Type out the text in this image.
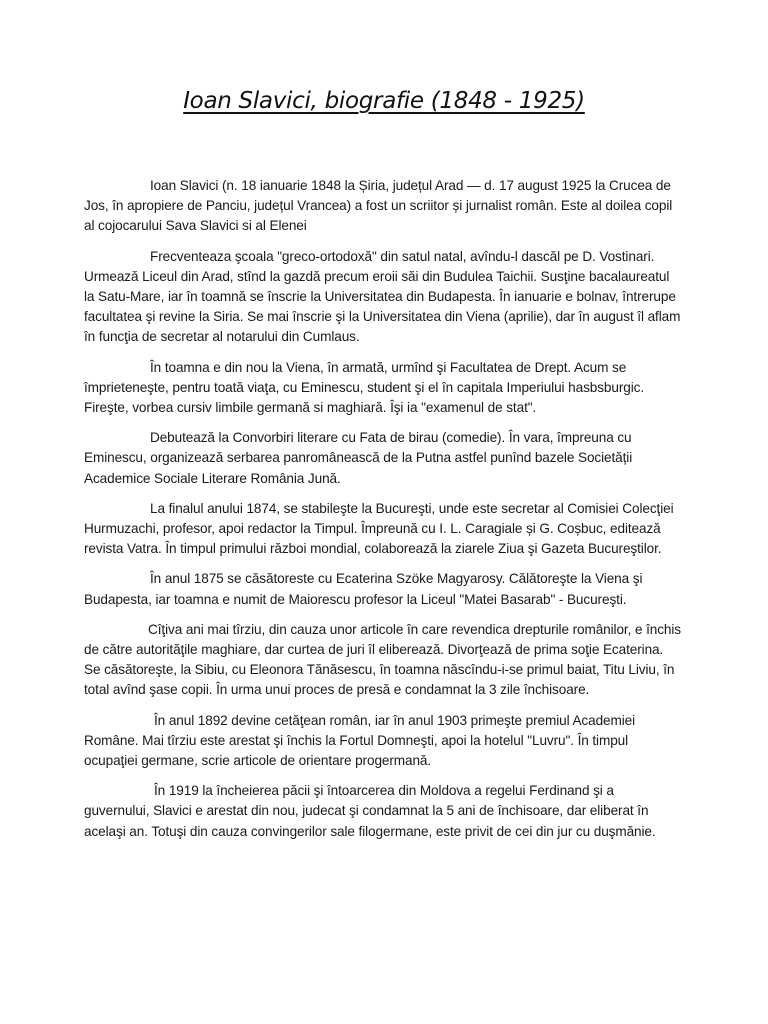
Ioan Slavici, biografie (1848 - 1925)

Ioan Slavici (n. 18 ianuarie 1848 la Șiria, județul Arad — d. 17 august 1925 la Crucea de Jos, în apropiere de Panciu, județul Vrancea) a fost un scriitor și jurnalist român. Este al doilea copil al cojocarului Sava Slavici si al Elenei

Frecventeaza şcoala "greco-ortodoxă" din satul natal, avîndu-l dascăl pe D. Vostinari. Urmează Liceul din Arad, stînd la gazdă precum eroii săi din Budulea Taichii. Susţine bacalaureatul la Satu-Mare, iar în toamnă se înscrie la Universitatea din Budapesta. În ianuarie e bolnav, întrerupe facultatea şi revine la Siria. Se mai înscrie şi la Universitatea din Viena (aprilie), dar în august îl aflam în funcţia de secretar al notarului din Cumlaus.

În toamna e din nou la Viena, în armată, urmînd şi Facultatea de Drept. Acum se împrieteneşte, pentru toată viaţa, cu Eminescu, student şi el în capitala Imperiului hasbsburgic. Fireşte, vorbea cursiv limbile germană si maghiară. Îşi ia "examenul de stat".

Debutează la Convorbiri literare cu Fata de birau (comedie). În vara, împreuna cu Eminescu, organizează serbarea panromânească de la Putna astfel punînd bazele Societății Academice Sociale Literare România Jună.

La finalul anului 1874, se stabileşte la Bucureşti, unde este secretar al Comisiei Colecţiei Hurmuzachi, profesor, apoi redactor la Timpul. Împreună cu I. L. Caragiale și G. Coșbuc, editează revista Vatra. În timpul primului război mondial, colaborează la ziarele Ziua şi Gazeta Bucureştilor.

În anul 1875 se căsătoreste cu Ecaterina Szöke Magyarosy. Călătoreşte la Viena şi Budapesta, iar toamna e numit de Maiorescu profesor la Liceul "Matei Basarab" - Bucureşti.

Cîţiva ani mai tîrziu, din cauza unor articole în care revendica drepturile românilor, e închis de către autorităţile maghiare, dar curtea de juri îl eliberează. Divorţează de prima soţie Ecaterina. Se căsătoreşte, la Sibiu, cu Eleonora Tănăsescu, în toamna născîndu-i-se primul baiat, Titu Liviu, în total avînd şase copii. În urma unui proces de presă e condamnat la 3 zile închisoare.

În anul 1892 devine cetăţean român, iar în anul 1903 primeşte premiul Academiei Române. Mai tîrziu este arestat şi închis la Fortul Domneşti, apoi la hotelul "Luvru". În timpul ocupaţiei germane, scrie articole de orientare progermană.

În 1919 la încheierea păcii şi întoarcerea din Moldova a regelui Ferdinand şi a guvernului, Slavici e arestat din nou, judecat şi condamnat la 5 ani de închisoare, dar eliberat în acelaşi an. Totuşi din cauza convingerilor sale filogermane, este privit de cei din jur cu duşmănie.
